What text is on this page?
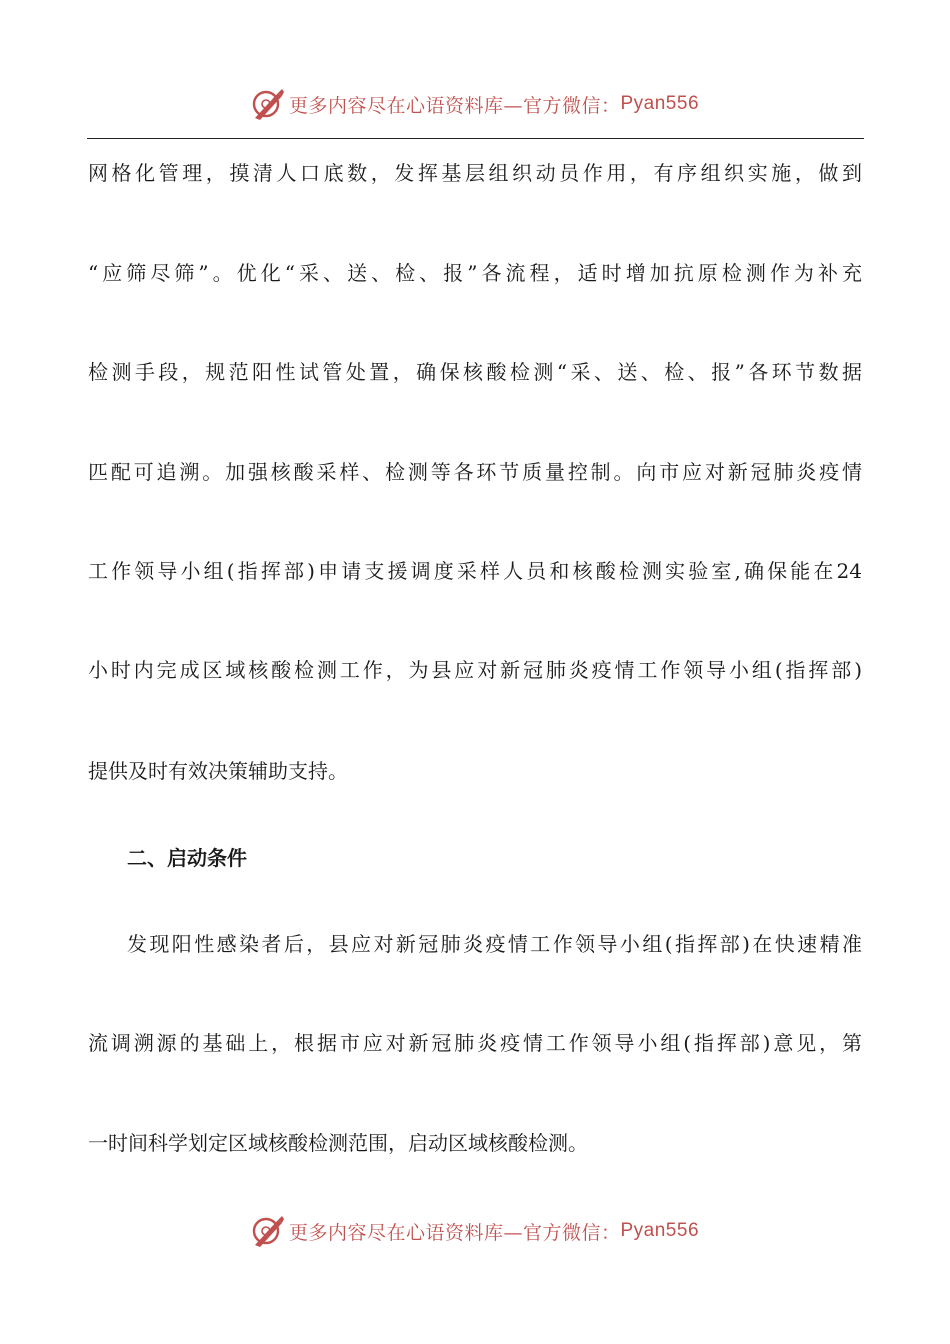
更多内容尽在心语资料库—官方微信： Pyan556
网格化管理，摸清人口底数，发挥基层组织动员作用，有序组织实施，做到
“应筛尽筛”。优化“采、送、检、报”各流程，适时增加抗原检测作为补充
检测手段，规范阳性试管处置，确保核酸检测“采、送、检、报”各环节数据
匹配可追溯。加强核酸采样、检测等各环节质量控制。向市应对新冠肺炎疫情
工作领导小组(指挥部)申请支援调度采样人员和核酸检测实验室,确保能在24
小时内完成区域核酸检测工作，为县应对新冠肺炎疫情工作领导小组(指挥部)
提供及时有效决策辅助支持。
二、启动条件
发现阳性感染者后，县应对新冠肺炎疫情工作领导小组(指挥部)在快速精准
流调溯源的基础上，根据市应对新冠肺炎疫情工作领导小组(指挥部)意见，第
一时间科学划定区域核酸检测范围，启动区域核酸检测。
更多内容尽在心语资料库—官方微信： Pyan556
